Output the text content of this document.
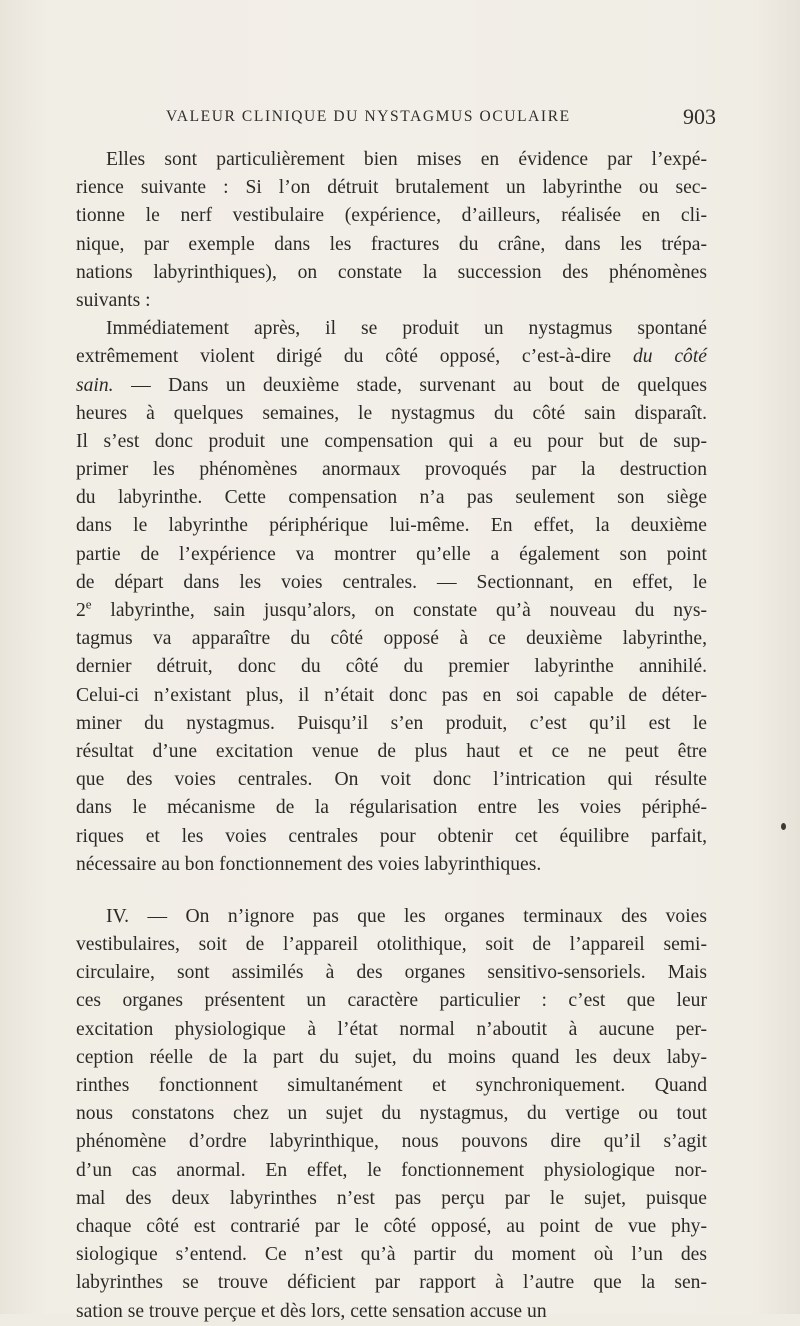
VALEUR CLINIQUE DU NYSTAGMUS OCULAIRE	903
Elles sont particulièrement bien mises en évidence par l’expé-
rience suivante : Si l’on détruit brutalement un labyrinthe ou sec-
tionne le nerf vestibulaire (expérience, d’ailleurs, réalisée en cli-
nique, par exemple dans les fractures du crâne, dans les trépa-
nations labyrinthiques), on constate la succession des phénomènes
suivants :
Immédiatement après, il se produit un nystagmus spontané
extrêmement violent dirigé du côté opposé, c’est-à-dire du côté
sain. — Dans un deuxième stade, survenant au bout de quelques
heures à quelques semaines, le nystagmus du côté sain disparaît.
Il s’est donc produit une compensation qui a eu pour but de sup-
primer les phénomènes anormaux provoqués par la destruction
du labyrinthe. Cette compensation n’a pas seulement son siège
dans le labyrinthe périphérique lui-même. En effet, la deuxième
partie de l’expérience va montrer qu’elle a également son point
de départ dans les voies centrales. — Sectionnant, en effet, le
2e labyrinthe, sain jusqu’alors, on constate qu’à nouveau du nys-
tagmus va apparaître du côté opposé à ce deuxième labyrinthe,
dernier détruit, donc du côté du premier labyrinthe annihilé.
Celui-ci n’existant plus, il n’était donc pas en soi capable de déter-
miner du nystagmus. Puisqu’il s’en produit, c’est qu’il est le
résultat d’une excitation venue de plus haut et ce ne peut être
que des voies centrales. On voit donc l’intrication qui résulte
dans le mécanisme de la régularisation entre les voies périphé-
riques et les voies centrales pour obtenir cet équilibre parfait,
nécessaire au bon fonctionnement des voies labyrinthiques.
IV. — On n’ignore pas que les organes terminaux des voies
vestibulaires, soit de l’appareil otolithique, soit de l’appareil semi-
circulaire, sont assimilés à des organes sensitivo-sensoriels. Mais
ces organes présentent un caractère particulier : c’est que leur
excitation physiologique à l’état normal n’aboutit à aucune per-
ception réelle de la part du sujet, du moins quand les deux laby-
rinthes fonctionnent simultanément et synchroniquement. Quand
nous constatons chez un sujet du nystagmus, du vertige ou tout
phénomène d’ordre labyrinthique, nous pouvons dire qu’il s’agit
d’un cas anormal. En effet, le fonctionnement physiologique nor-
mal des deux labyrinthes n’est pas perçu par le sujet, puisque
chaque côté est contrarié par le côté opposé, au point de vue phy-
siologique s’entend. Ce n’est qu’à partir du moment où l’un des
labyrinthes se trouve déficient par rapport à l’autre que la sen-
sation se trouve perçue et dès lors, cette sensation accuse un
